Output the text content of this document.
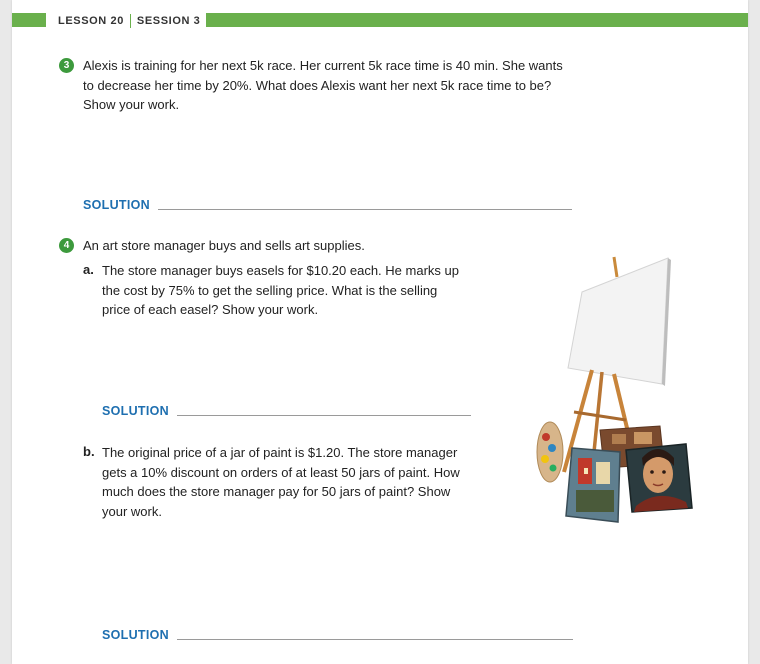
LESSON 20 SESSION 3
3	Alexis is training for her next 5k race. Her current 5k race time is 40 min. She wants
to decrease her time by 20%. What does Alexis want her next 5k race time to be?
Show your work.
SOLUTION
4	An art store manager buys and sells art supplies.
a. The store manager buys easels for $10.20 each. He marks up
the cost by 75% to get the selling price. What is the selling
price of each easel? Show your work.
SOLUTION
b. The original price of a jar of paint is $1.20. The store manager
gets a 10% discount on orders of at least 50 jars of paint. How
much does the store manager pay for 50 jars of paint? Show
your work.
SOLUTION
